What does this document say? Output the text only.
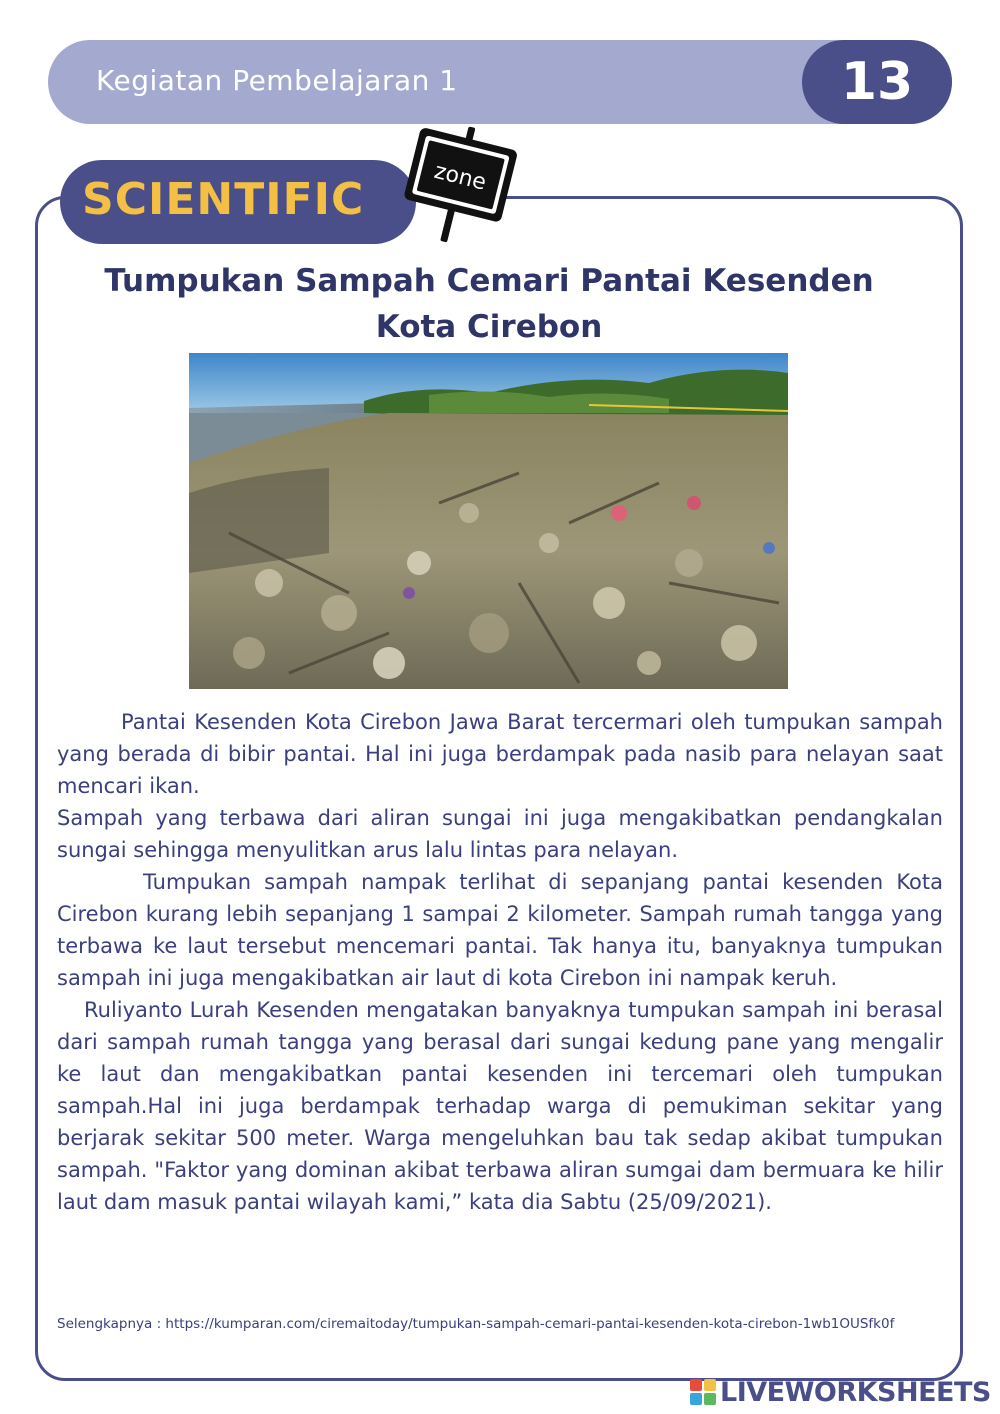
Kegiatan Pembelajaran 1	13
SCIENTIFIC	zone
Tumpukan Sampah Cemari Pantai Kesenden Kota Cirebon

Pantai Kesenden Kota Cirebon Jawa Barat tercermari oleh tumpukan sampah yang berada di bibir pantai. Hal ini juga berdampak pada nasib para nelayan saat mencari ikan.

Sampah yang terbawa dari aliran sungai ini juga mengakibatkan pendangkalan sungai sehingga menyulitkan arus lalu lintas para nelayan.

Tumpukan sampah nampak terlihat di sepanjang pantai kesenden Kota Cirebon kurang lebih sepanjang 1 sampai 2 kilometer. Sampah rumah tangga yang terbawa ke laut tersebut mencemari pantai. Tak hanya itu, banyaknya tumpukan sampah ini juga mengakibatkan air laut di kota Cirebon ini nampak keruh.

Ruliyanto Lurah Kesenden mengatakan banyaknya tumpukan sampah ini berasal dari sampah rumah tangga yang berasal dari sungai kedung pane yang mengalir ke laut dan mengakibatkan pantai kesenden ini tercemari oleh tumpukan sampah.Hal ini juga berdampak terhadap warga di pemukiman sekitar yang berjarak sekitar 500 meter. Warga mengeluhkan bau tak sedap akibat tumpukan sampah. "Faktor yang dominan akibat terbawa aliran sumgai dam bermuara ke hilir laut dam masuk pantai wilayah kami,” kata dia Sabtu (25/09/2021).

Selengkapnya : https://kumparan.com/ciremaitoday/tumpukan-sampah-cemari-pantai-kesenden-kota-cirebon-1wb1OUSfk0f
LIVEWORKSHEETS
